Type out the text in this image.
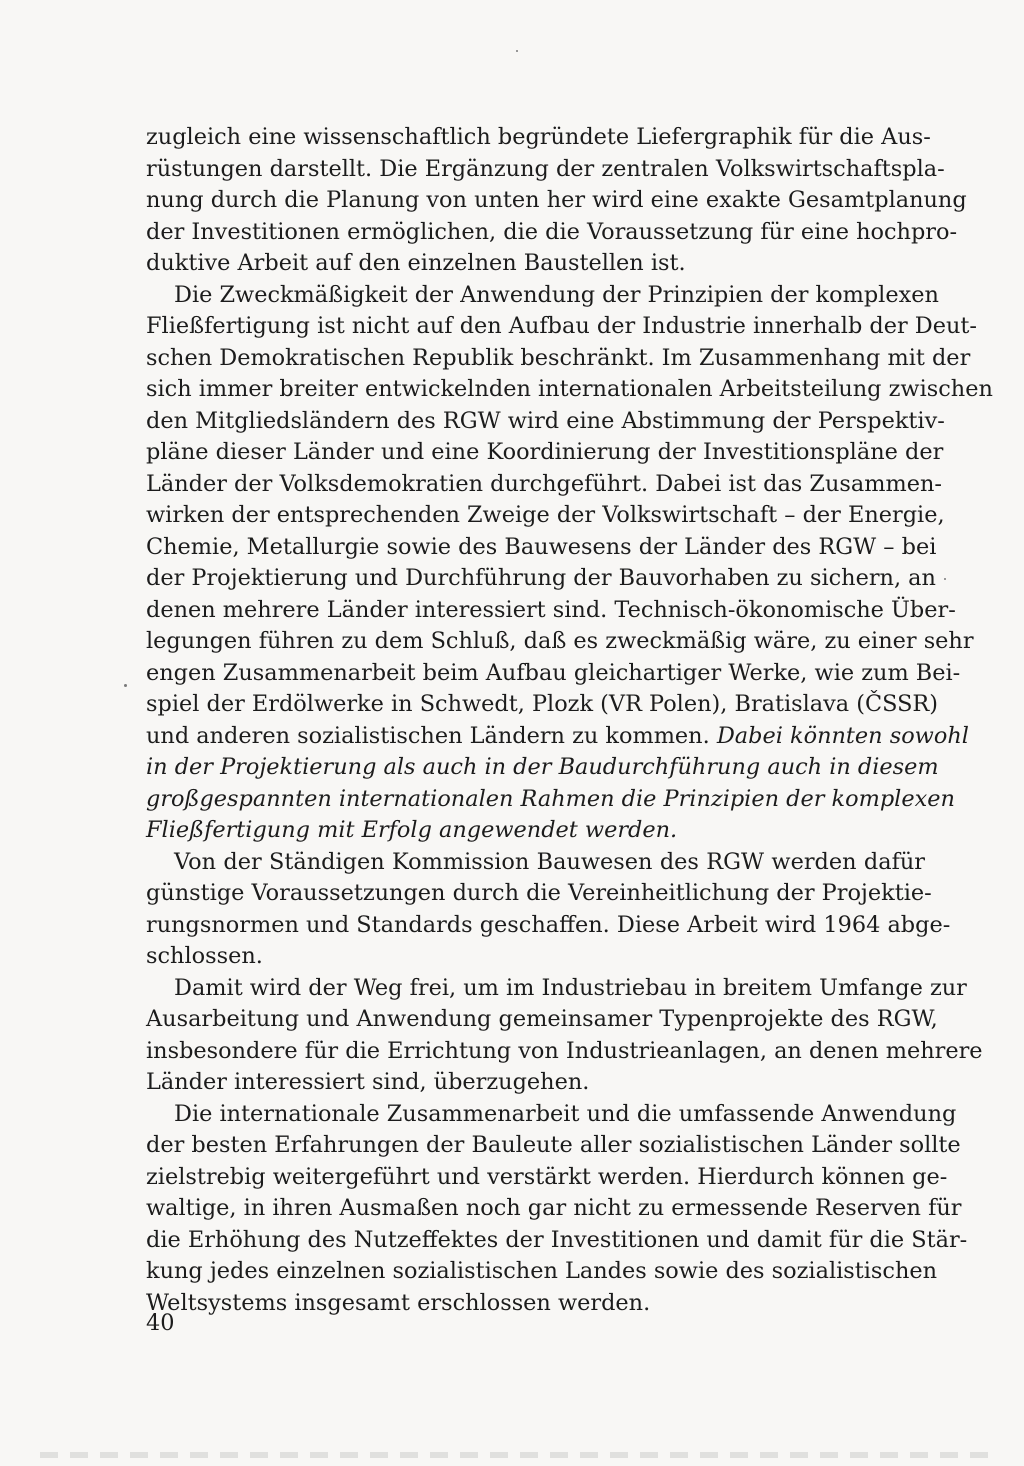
zugleich eine wissenschaftlich begründete Liefergraphik für die Aus-
rüstungen darstellt. Die Ergänzung der zentralen Volkswirtschaftspla-
nung durch die Planung von unten her wird eine exakte Gesamtplanung
der Investitionen ermöglichen, die die Voraussetzung für eine hochpro-
duktive Arbeit auf den einzelnen Baustellen ist.

Die Zweckmäßigkeit der Anwendung der Prinzipien der komplexen
Fließfertigung ist nicht auf den Aufbau der Industrie innerhalb der Deut-
schen Demokratischen Republik beschränkt. Im Zusammenhang mit der
sich immer breiter entwickelnden internationalen Arbeitsteilung zwischen
den Mitgliedsländern des RGW wird eine Abstimmung der Perspektiv-
pläne dieser Länder und eine Koordinierung der Investitionspläne der
Länder der Volksdemokratien durchgeführt. Dabei ist das Zusammen-
wirken der entsprechenden Zweige der Volkswirtschaft – der Energie,
Chemie, Metallurgie sowie des Bauwesens der Länder des RGW – bei
der Projektierung und Durchführung der Bauvorhaben zu sichern, an
denen mehrere Länder interessiert sind. Technisch-ökonomische Über-
legungen führen zu dem Schluß, daß es zweckmäßig wäre, zu einer sehr
engen Zusammenarbeit beim Aufbau gleichartiger Werke, wie zum Bei-
spiel der Erdölwerke in Schwedt, Plozk (VR Polen), Bratislava (ČSSR)
und anderen sozialistischen Ländern zu kommen. Dabei könnten sowohl
in der Projektierung als auch in der Baudurchführung auch in diesem
großgespannten internationalen Rahmen die Prinzipien der komplexen
Fließfertigung mit Erfolg angewendet werden.

Von der Ständigen Kommission Bauwesen des RGW werden dafür
günstige Voraussetzungen durch die Vereinheitlichung der Projektie-
rungsnormen und Standards geschaffen. Diese Arbeit wird 1964 abge-
schlossen.

Damit wird der Weg frei, um im Industriebau in breitem Umfange zur
Ausarbeitung und Anwendung gemeinsamer Typenprojekte des RGW,
insbesondere für die Errichtung von Industrieanlagen, an denen mehrere
Länder interessiert sind, überzugehen.

Die internationale Zusammenarbeit und die umfassende Anwendung
der besten Erfahrungen der Bauleute aller sozialistischen Länder sollte
zielstrebig weitergeführt und verstärkt werden. Hierdurch können ge-
waltige, in ihren Ausmaßen noch gar nicht zu ermessende Reserven für
die Erhöhung des Nutzeffektes der Investitionen und damit für die Stär-
kung jedes einzelnen sozialistischen Landes sowie des sozialistischen
Weltsystems insgesamt erschlossen werden.

40
